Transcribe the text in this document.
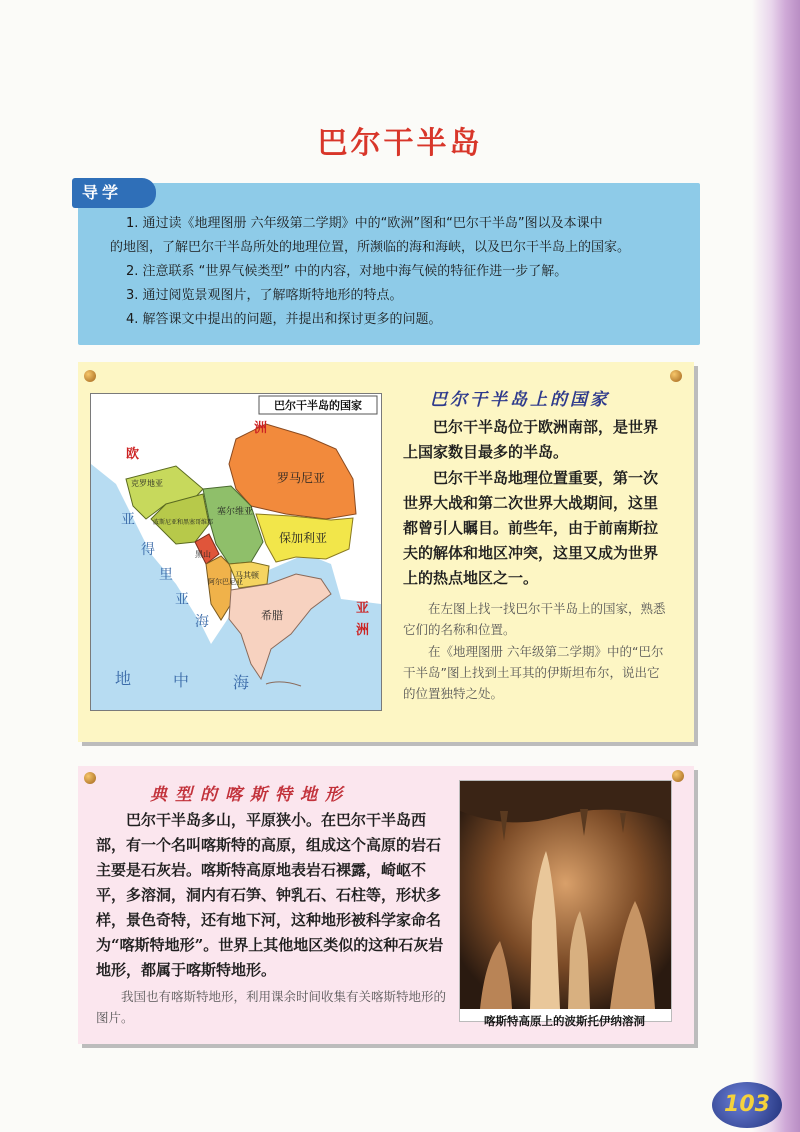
巴尔干半岛
1. 通过读《地理图册 六年级第二学期》中的“欧洲”图和“巴尔干半岛”图以及本课中
的地图，了解巴尔干半岛所处的地理位置，所濒临的海和海峡，以及巴尔干半岛上的国家。
2. 注意联系 “世界气候类型” 中的内容，对地中海气候的特征作进一步了解。
3. 通过阅览景观图片，了解喀斯特地形的特点。
4. 解答课文中提出的问题，并提出和探讨更多的问题。
导学
巴尔干半岛的国家
欧
洲
亚
洲
罗马尼亚
保加利亚
塞尔维亚
克罗地亚
波斯尼亚和黑塞哥维那
黑山
阿尔巴尼亚
马其顿
希腊
亚
得
里
亚
海
地	中	海
巴尔干半岛上的国家

巴尔干半岛位于欧洲南部，是世界上国家数目最多的半岛。

巴尔干半岛地理位置重要，第一次世界大战和第二次世界大战期间，这里都曾引人瞩目。前些年，由于前南斯拉夫的解体和地区冲突，这里又成为世界上的热点地区之一。

在左图上找一找巴尔干半岛上的国家，熟悉它们的名称和位置。

在《地理图册 六年级第二学期》中的“巴尔干半岛”图上找到土耳其的伊斯坦布尔，说出它的位置独特之处。

典型的喀斯特地形

巴尔干半岛多山，平原狭小。在巴尔干半岛西部，有一个名叫喀斯特的高原，组成这个高原的岩石主要是石灰岩。喀斯特高原地表岩石裸露，崎岖不平，多溶洞，洞内有石笋、钟乳石、石柱等，形状多样，景色奇特，还有地下河，这种地形被科学家命名为“喀斯特地形”。世界上其他地区类似的这种石灰岩地形，都属于喀斯特地形。

我国也有喀斯特地形，利用课余时间收集有关喀斯特地形的图片。	喀斯特高原上的波斯托伊纳溶洞
103
